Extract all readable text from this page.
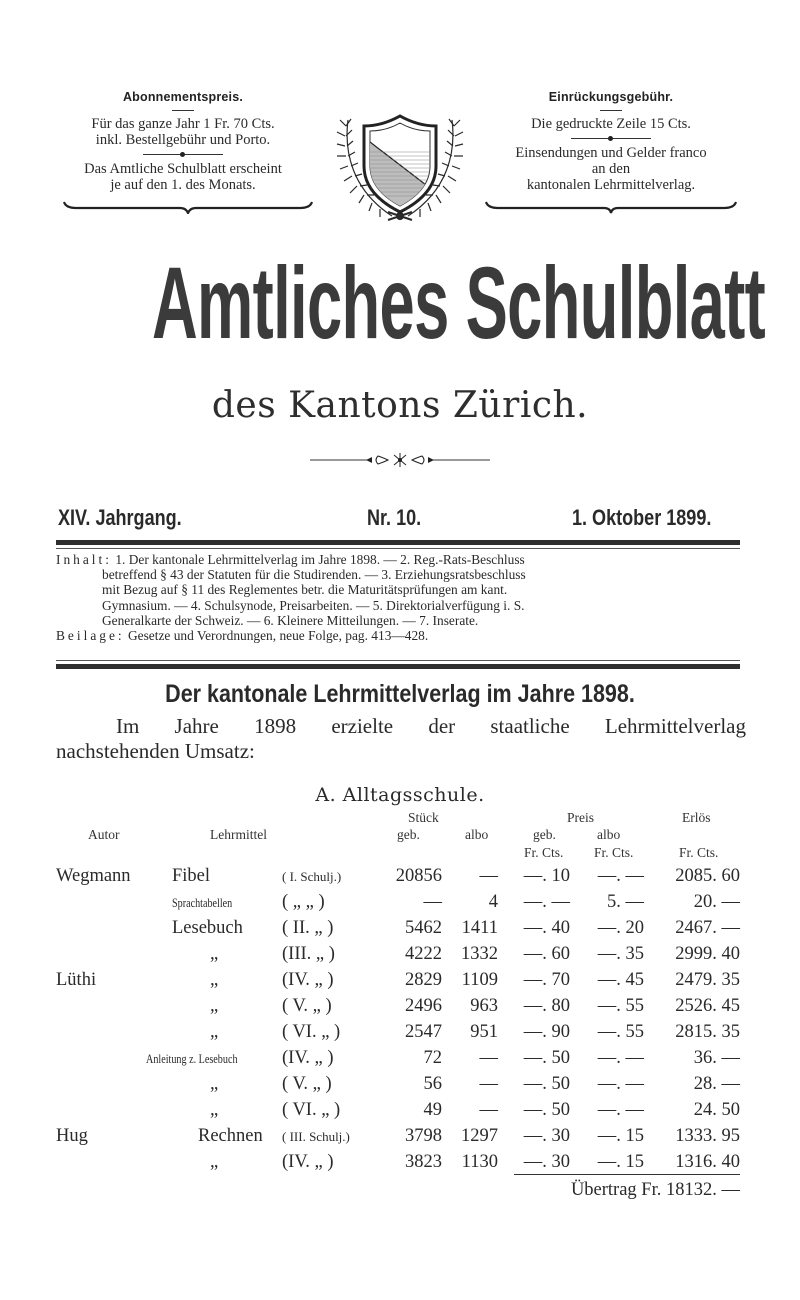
Abonnementspreis.
Für das ganze Jahr 1 Fr. 70 Cts.
inkl. Bestellgebühr und Porto.
Das Amtliche Schulblatt erscheint
je auf den 1. des Monats.
Einrückungsgebühr.
Die gedruckte Zeile 15 Cts.
Einsendungen und Gelder franco
an den
kantonalen Lehrmittelverlag.
Amtliches Schulblatt
des Kantons Zürich.
XIV. Jahrgang.	Nr. 10.	1. Oktober 1899.
Inhalt: 1. Der kantonale Lehrmittelverlag im Jahre 1898. — 2. Reg.-Rats-Beschluss
betreffend § 43 der Statuten für die Studirenden. — 3. Erziehungsratsbeschluss
mit Bezug auf § 11 des Reglementes betr. die Maturitätsprüfungen am kant.
Gymnasium. — 4. Schulsynode, Preisarbeiten. — 5. Direktorialverfügung i. S.
Generalkarte der Schweiz. — 6. Kleinere Mitteilungen. — 7. Inserate.
Beilage: Gesetze und Verordnungen, neue Folge, pag. 413—428.
Der kantonale Lehrmittelverlag im Jahre 1898.
Im Jahre 1898 erzielte der staatliche Lehrmittelverlag
nachstehenden Umsatz:
A. Alltagsschule.
Stück	Preis	Erlös
Autor	Lehrmittel	geb.	albo	geb.	albo
Fr. Cts. Fr. Cts.	Fr. Cts.
Wegmann	Fibel	( I. Schulj.)	20856	—	—. 10	—. —	2085. 60
Sprachtabellen	( „ „ )	—	4	—. —	5. —	20. —
Lesebuch	( II. „ )	5462	1411	—. 40	—. 20	2467. —
„	(III. „ )	4222	1332	—. 60	—. 35	2999. 40
Lüthi	„	(IV. „ )	2829	1109	—. 70	—. 45	2479. 35
„	( V. „ )	2496	963	—. 80	—. 55	2526. 45
„	( VI. „ )	2547	951	—. 90	—. 55	2815. 35
Anleitung z. Lesebuch	(IV. „ )	72	—	—. 50	—. —	36. —
„	( V. „ )	56	—	—. 50	—. —	28. —
„	( VI. „ )	49	—	—. 50	—. —	24. 50
Hug	Rechnen	( III. Schulj.)	3798	1297	—. 30	—. 15	1333. 95
„	(IV. „ )	3823	1130	—. 30	—. 15	1316. 40
Übertrag Fr. 18132. —
